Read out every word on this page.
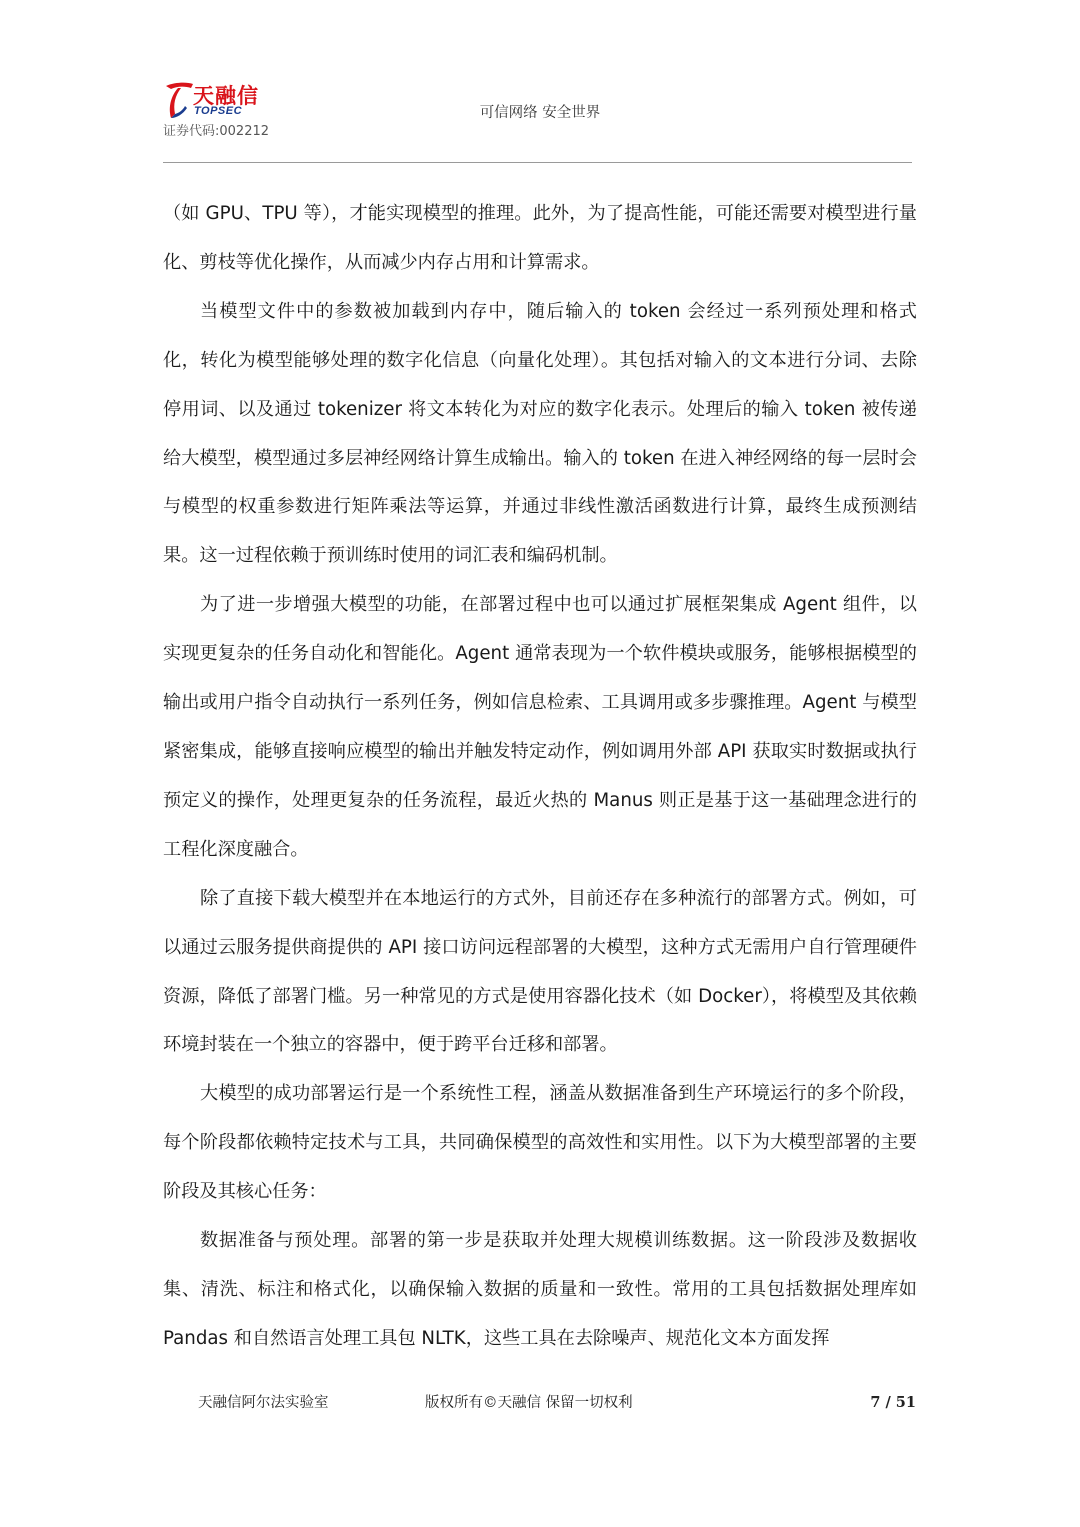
天融信
TOPSEC
证券代码:002212
可信网络 安全世界

（如 GPU、TPU 等），才能实现模型的推理。此外，为了提高性能，可能还需要对模型进行量化、剪枝等优化操作，从而减少内存占用和计算需求。

当模型文件中的参数被加载到内存中，随后输入的 token 会经过一系列预处理和格式化，转化为模型能够处理的数字化信息（向量化处理）。其包括对输入的文本进行分词、去除停用词、以及通过 tokenizer 将文本转化为对应的数字化表示。处理后的输入 token 被传递给大模型，模型通过多层神经网络计算生成输出。输入的 token 在进入神经网络的每一层时会与模型的权重参数进行矩阵乘法等运算，并通过非线性激活函数进行计算，最终生成预测结果。这一过程依赖于预训练时使用的词汇表和编码机制。

为了进一步增强大模型的功能，在部署过程中也可以通过扩展框架集成 Agent 组件，以实现更复杂的任务自动化和智能化。Agent 通常表现为一个软件模块或服务，能够根据模型的输出或用户指令自动执行一系列任务，例如信息检索、工具调用或多步骤推理。Agent 与模型紧密集成，能够直接响应模型的输出并触发特定动作，例如调用外部 API 获取实时数据或执行预定义的操作，处理更复杂的任务流程，最近火热的 Manus 则正是基于这一基础理念进行的工程化深度融合。

除了直接下载大模型并在本地运行的方式外，目前还存在多种流行的部署方式。例如，可以通过云服务提供商提供的 API 接口访问远程部署的大模型，这种方式无需用户自行管理硬件资源，降低了部署门槛。另一种常见的方式是使用容器化技术（如 Docker），将模型及其依赖环境封装在一个独立的容器中，便于跨平台迁移和部署。

大模型的成功部署运行是一个系统性工程，涵盖从数据准备到生产环境运行的多个阶段，每个阶段都依赖特定技术与工具，共同确保模型的高效性和实用性。以下为大模型部署的主要阶段及其核心任务：

数据准备与预处理。部署的第一步是获取并处理大规模训练数据。这一阶段涉及数据收集、清洗、标注和格式化，以确保输入数据的质量和一致性。常用的工具包括数据处理库如 Pandas 和自然语言处理工具包 NLTK，这些工具在去除噪声、规范化文本方面发挥

天融信阿尔法实验室	版权所有©天融信 保留一切权利	7 / 51
